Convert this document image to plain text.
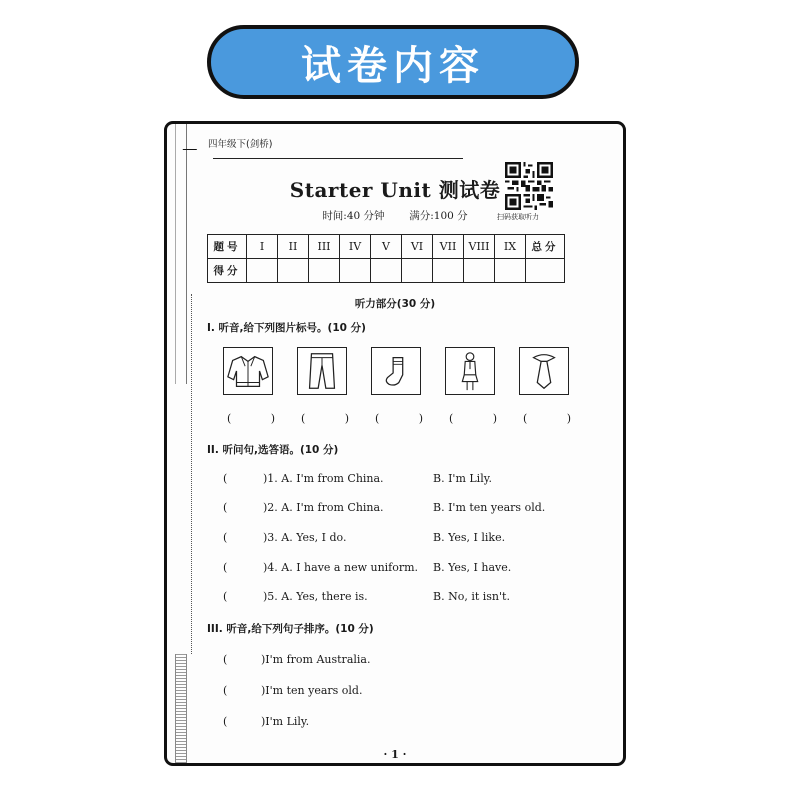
试卷内容
四年级下(剑桥)
Starter Unit 测试卷
时间:40 分钟 满分:100 分	扫码获取听力
题号	I	II	III	IV	V	VI	VII	VIII	IX	总分
得分										
听力部分(30 分)
I. 听音,给下列图片标号。(10 分)
( ) ( ) ( ) ( ) ( )
II. 听问句,选答语。(10 分)
(	)1. A. I'm from China.	B. I'm Lily.
(	)2. A. I'm from China.	B. I'm ten years old.
(	)3. A. Yes, I do.	B. Yes, I like.
(	)4. A. I have a new uniform. B. Yes, I have.
(	)5. A. Yes, there is.	B. No, it isn't.
III. 听音,给下列句子排序。(10 分)
(	)I'm from Australia.
(	)I'm ten years old.
(	)I'm Lily.
· 1 ·
